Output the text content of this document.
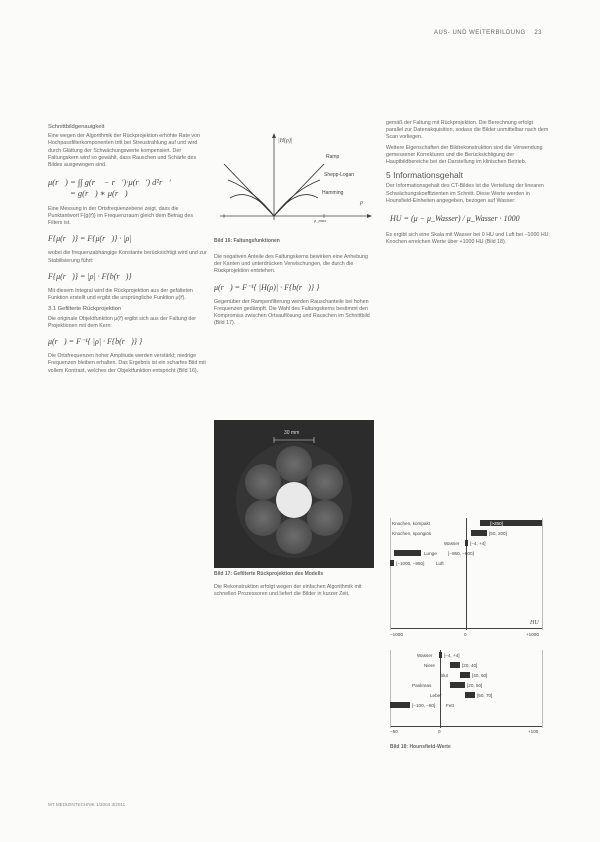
AUS- UND WEITERBILDUNG 23
Schnittbildgenauigkeit

Eine wegen der Algorithmik der Rückprojektion erhöhte Rate von Hochpassfilterkomponenten tritt bei Streustrahlung auf und wird durch Glättung der Schwächungswerte kompensiert. Der Faltungskern wird so gewählt, dass Rauschen und Schärfe des Bildes ausgewogen sind.

μ(r⃗) = ∫∫ g(r⃗ − r⃗′)·μ(r⃗′) d²r⃗′
= g(r⃗) ∗ μ(r⃗)

Eine Messung in der Ortsfrequenzebene zeigt, dass die Punktantwort F{g(r⃗)} im Frequenzraum gleich dem Betrag des Filters ist.

F{μ(r⃗)} = F{μ(r⃗)} · |ρ|

wobei die frequenzabhängige Konstante berücksichtigt wird und zur Stabilisierung führt:

F{μ(r⃗)} = |ρ| · F{b(r⃗)}

Mit diesem Integral wird die Rückprojektion aus der gefalteten Funktion erstellt und ergibt die ursprüngliche Funktion μ(r⃗).

3.1 Gefilterte Rückprojektion

Die originale Objektfunktion μ(r⃗) ergibt sich aus der Faltung der Projektionen mit dem Kern:

μ(r⃗) = F⁻¹{ |ρ| · F{b(r⃗)} }

Die Ortsfrequenzen hoher Amplitude werden verstärkt; niedrige Frequenzen bleiben erhalten. Das Ergebnis ist ein scharfes Bild mit vollem Kontrast, welches der Objektfunktion entspricht (Bild 16).

|H(ρ)|
Ramp
Shepp-Logan
Hamming
ρ
ρ_max
Bild 16: Faltungsfunktionen

Die negativen Anteile des Faltungskerns bewirken eine Anhebung der Kanten und unterdrücken Verwischungen, die durch die Rückprojektion entstehen.

μ(r⃗) = F⁻¹{ |H(ρ)| · F{b(r⃗)} }

Gegenüber der Rampenfilterung werden Rauschanteile bei hohen Frequenzen gedämpft. Die Wahl des Faltungskerns bestimmt den Kompromiss zwischen Ortsauflösung und Rauschen im Schnittbild (Bild 17).

30 mm
Bild 17: Gefilterte Rückprojektion des Modells

Die Rekonstruktion erfolgt wegen der einfachen Algorithmik mit schnellen Prozessoren und liefert die Bilder in kurzer Zeit.

gemäß der Faltung mit Rückprojektion. Die Berechnung erfolgt parallel zur Datenakquisition, sodass die Bilder unmittelbar nach dem Scan vorliegen.

Weitere Eigenschaften der Bildrekonstruktion sind die Verwendung gemessener Korrekturen und die Berücksichtigung der Hauptbildbereiche bei der Darstellung im klinischen Betrieb.

5 Informationsgehalt

Der Informationsgehalt des CT-Bildes ist die Verteilung der linearen Schwächungskoeffizienten im Schnitt. Diese Werte werden in Hounsfield-Einheiten angegeben, bezogen auf Wasser:

HU = (μ − μ_Wasser) / μ_Wasser · 1000

Es ergibt sich eine Skala mit Wasser bei 0 HU und Luft bei −1000 HU; Knochen erreichen Werte über +1000 HU (Bild 18).

Knochen, kompakt	[>250]
Knochen, spongiös	[50, 200]
Wasser [−4, +4]
Lunge [−950, −600]
[−1000, −950]	Luft
−1000	0	+1000
HU
Wasser	[−4, +4]
Niere	[20, 40]
Blut	[40, 60]
Pankreas	[20, 50]
Leber	[50, 70]
[−100, −60] Fett
−50	0	+100
Bild 18: Hounsfield-Werte
MT MEDIZINTECHNIK 1/2004 3/2011
